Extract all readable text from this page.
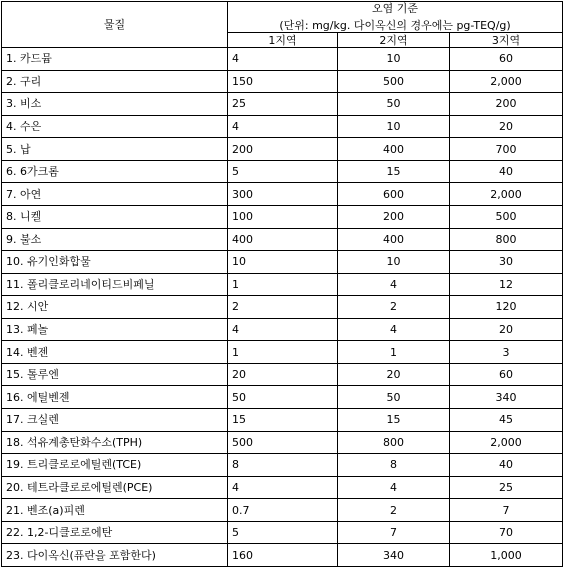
물질	오염 기준
(단위: mg/kg. 다이옥신의 경우에는 pg-TEQ/g)		

	1지역	2지역	3지역
1. 카드뮴	4	10	60
2. 구리	150	500	2,000
3. 비소	25	50	200
4. 수은	4	10	20
5. 납	200	400	700
6. 6가크롬	5	15	40
7. 아연	300	600	2,000
8. 니켈	100	200	500
9. 불소	400	400	800
10. 유기인화합물	10	10	30
11. 폴리클로리네이티드비페닐	1	4	12
12. 시안	2	2	120
13. 페놀	4	4	20
14. 벤젠	1	1	3
15. 톨루엔	20	20	60
16. 에틸벤젠	50	50	340
17. 크실렌	15	15	45
18. 석유계총탄화수소(TPH)	500	800	2,000
19. 트리클로로에틸렌(TCE)	8	8	40
20. 테트라클로로에틸렌(PCE)	4	4	25
21. 벤조(a)피렌	0.7	2	7
22. 1,2-디클로로에탄	5	7	70
23. 다이옥신(퓨란을 포함한다)	160	340	1,000
